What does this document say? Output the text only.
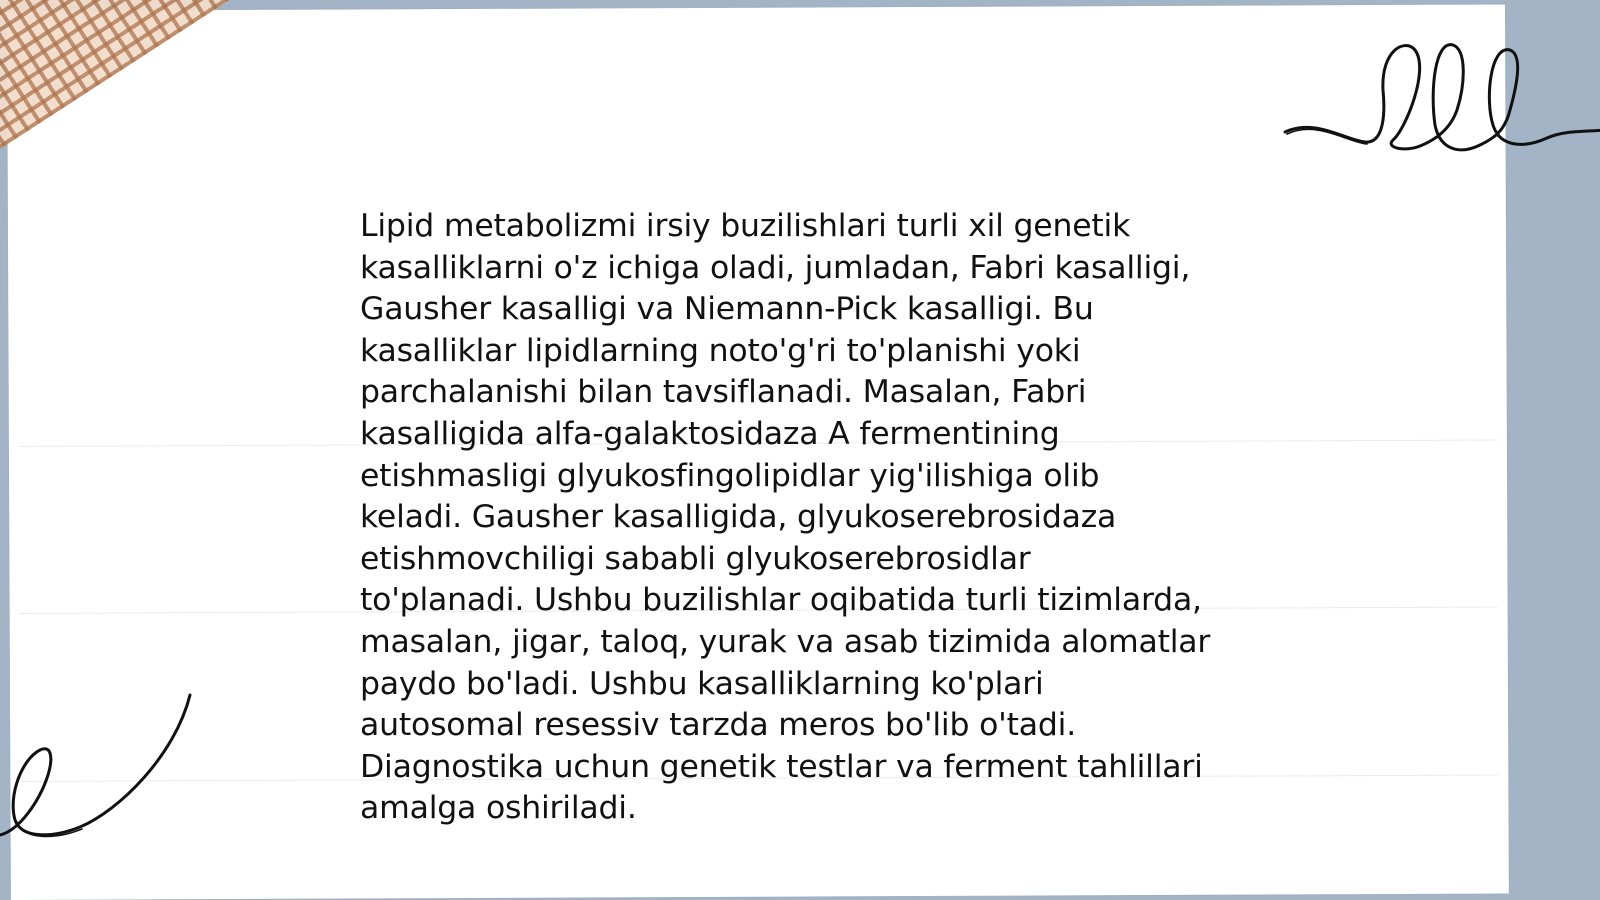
Lipid metabolizmi irsiy buzilishlari turli xil genetik
kasalliklarni o'z ichiga oladi, jumladan, Fabri kasalligi,
Gausher kasalligi va Niemann-Pick kasalligi. Bu
kasalliklar lipidlarning noto'g'ri to'planishi yoki
parchalanishi bilan tavsiflanadi. Masalan, Fabri
kasalligida alfa-galaktosidaza A fermentining
etishmasligi glyukosfingolipidlar yig'ilishiga olib
keladi. Gausher kasalligida, glyukoserebrosidaza
etishmovchiligi sababli glyukoserebrosidlar
to'planadi. Ushbu buzilishlar oqibatida turli tizimlarda,
masalan, jigar, taloq, yurak va asab tizimida alomatlar
paydo bo'ladi. Ushbu kasalliklarning ko'plari
autosomal resessiv tarzda meros bo'lib o'tadi.
Diagnostika uchun genetik testlar va ferment tahlillari
amalga oshiriladi.
